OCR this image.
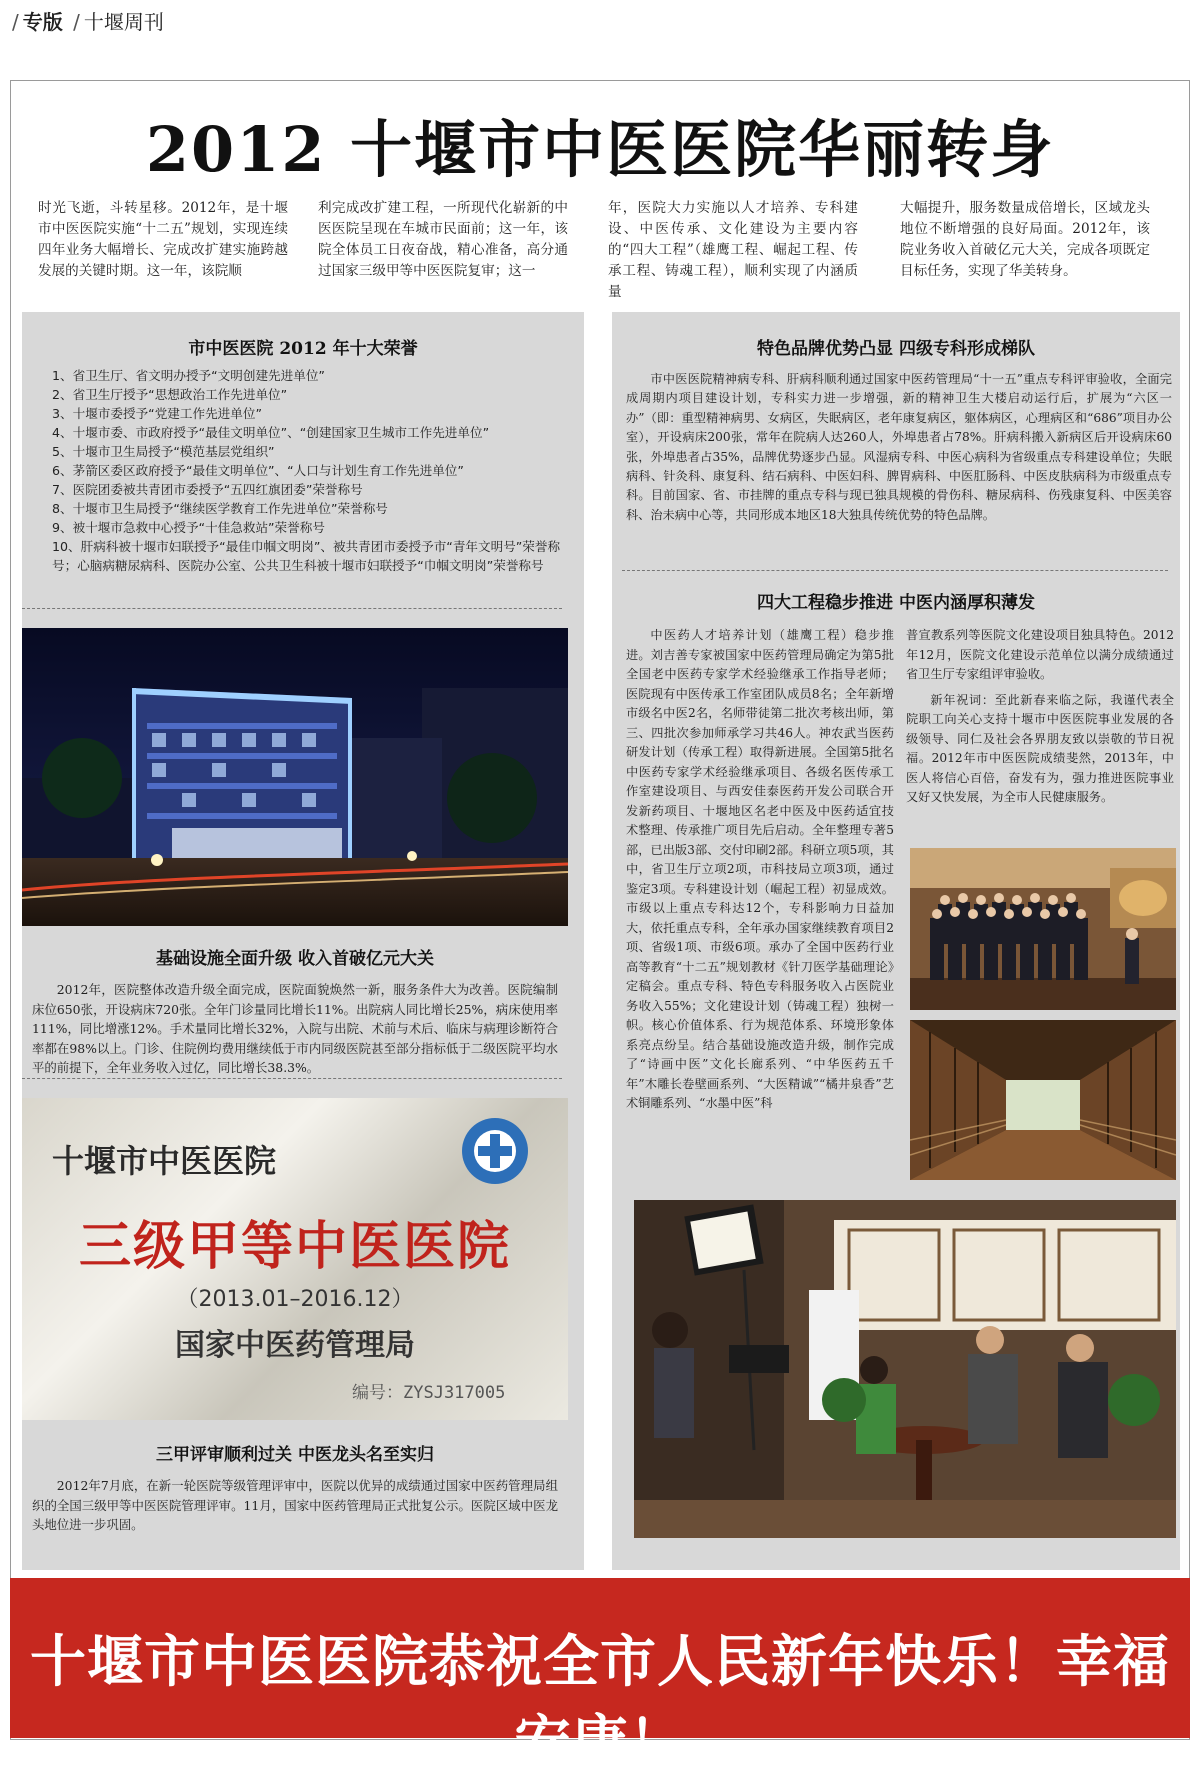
/ 专版 / 十堰周刊
2012 十堰市中医医院华丽转身
时光飞逝，斗转星移。2012年，是十堰市中医医院实施“十二五”规划，实现连续四年业务大幅增长、完成改扩建实施跨越发展的关键时期。这一年，该院顺
利完成改扩建工程，一所现代化崭新的中医医院呈现在车城市民面前；这一年，该院全体员工日夜奋战，精心准备，高分通过国家三级甲等中医医院复审；这一
年，医院大力实施以人才培养、专科建设、中医传承、文化建设为主要内容的“四大工程”（雄鹰工程、崛起工程、传承工程、铸魂工程），顺利实现了内涵质量
大幅提升，服务数量成倍增长，区域龙头地位不断增强的良好局面。2012年，该院业务收入首破亿元大关，完成各项既定目标任务，实现了华美转身。
市中医医院 2012 年十大荣誉
1、省卫生厅、省文明办授予“文明创建先进单位”
2、省卫生厅授予“思想政治工作先进单位”
3、十堰市委授予“党建工作先进单位”
4、十堰市委、市政府授予“最佳文明单位”、“创建国家卫生城市工作先进单位”
5、十堰市卫生局授予“模范基层党组织”
6、茅箭区委区政府授予“最佳文明单位”、“人口与计划生育工作先进单位”
7、医院团委被共青团市委授予“五四红旗团委”荣誉称号
8、十堰市卫生局授予“继续医学教育工作先进单位”荣誉称号
9、被十堰市急救中心授予“十佳急救站”荣誉称号
10、肝病科被十堰市妇联授予“最佳巾帼文明岗”、被共青团市委授予市“青年文明号”荣誉称号；心脑病糖尿病科、医院办公室、公共卫生科被十堰市妇联授予“巾帼文明岗”荣誉称号
基础设施全面升级 收入首破亿元大关
2012年，医院整体改造升级全面完成，医院面貌焕然一新，服务条件大为改善。医院编制床位650张，开设病床720张。全年门诊量同比增长11%。出院病人同比增长25%，病床使用率111%，同比增涨12%。手术量同比增长32%，入院与出院、术前与术后、临床与病理诊断符合率都在98%以上。门诊、住院例均费用继续低于市内同级医院甚至部分指标低于二级医院平均水平的前提下，全年业务收入过亿，同比增长38.3%。
十堰市中医医院
三级甲等中医医院
（2013.01–2016.12）
国家中医药管理局
编号：ZYSJ317005
三甲评审顺利过关 中医龙头名至实归
2012年7月底，在新一轮医院等级管理评审中，医院以优异的成绩通过国家中医药管理局组织的全国三级甲等中医医院管理评审。11月，国家中医药管理局正式批复公示。医院区域中医龙头地位进一步巩固。
特色品牌优势凸显 四级专科形成梯队
市中医医院精神病专科、肝病科顺利通过国家中医药管理局“十一五”重点专科评审验收，全面完成周期内项目建设计划，专科实力进一步增强，新的精神卫生大楼启动运行后，扩展为“六区一办”（即：重型精神病男、女病区，失眠病区，老年康复病区，躯体病区，心理病区和“686”项目办公室），开设病床200张，常年在院病人达260人，外埠患者占78%。肝病科搬入新病区后开设病床60张，外埠患者占35%，品牌优势逐步凸显。风湿病专科、中医心病科为省级重点专科建设单位；失眠病科、针灸科、康复科、结石病科、中医妇科、脾胃病科、中医肛肠科、中医皮肤病科为市级重点专科。目前国家、省、市挂牌的重点专科与现已独具规模的骨伤科、糖尿病科、伤残康复科、中医美容科、治未病中心等，共同形成本地区18大独具传统优势的特色品牌。
四大工程稳步推进 中医内涵厚积薄发
中医药人才培养计划（雄鹰工程）稳步推进。刘吉善专家被国家中医药管理局确定为第5批全国老中医药专家学术经验继承工作指导老师；医院现有中医传承工作室团队成员8名；全年新增市级名中医2名，名师带徒第二批次考核出师，第三、四批次参加师承学习共46人。神农武当医药研发计划（传承工程）取得新进展。全国第5批名中医药专家学术经验继承项目、各级名医传承工作室建设项目、与西安佳泰医药开发公司联合开发新药项目、十堰地区名老中医及中医药适宜技术整理、传承推广项目先后启动。全年整理专著5部，已出版3部、交付印刷2部。科研立项5项，其中，省卫生厅立项2项，市科技局立项3项，通过鉴定3项。专科建设计划（崛起工程）初显成效。市级以上重点专科达12个，专科影响力日益加大，依托重点专科，全年承办国家继续教育项目2项、省级1项、市级6项。承办了全国中医药行业高等教育“十二五”规划教材《针刀医学基础理论》定稿会。重点专科、特色专科服务收入占医院业务收入55%；文化建设计划（铸魂工程）独树一帜。核心价值体系、行为规范体系、环境形象体系亮点纷呈。结合基础设施改造升级，制作完成了“诗画中医”文化长廊系列、“中华医药五千年”木雕长卷壁画系列、“大医精诚”“橘井泉香”艺术铜雕系列、“水墨中医”科
普宣教系列等医院文化建设项目独具特色。2012年12月，医院文化建设示范单位以满分成绩通过省卫生厅专家组评审验收。
新年祝词：至此新春来临之际，我谨代表全院职工向关心支持十堰市中医医院事业发展的各级领导、同仁及社会各界朋友致以崇敬的节日祝福。2012年市中医医院成绩斐然，2013年，中医人将信心百倍，奋发有为，强力推进医院事业又好又快发展，为全市人民健康服务。
十堰市中医医院恭祝全市人民新年快乐！幸福安康！
